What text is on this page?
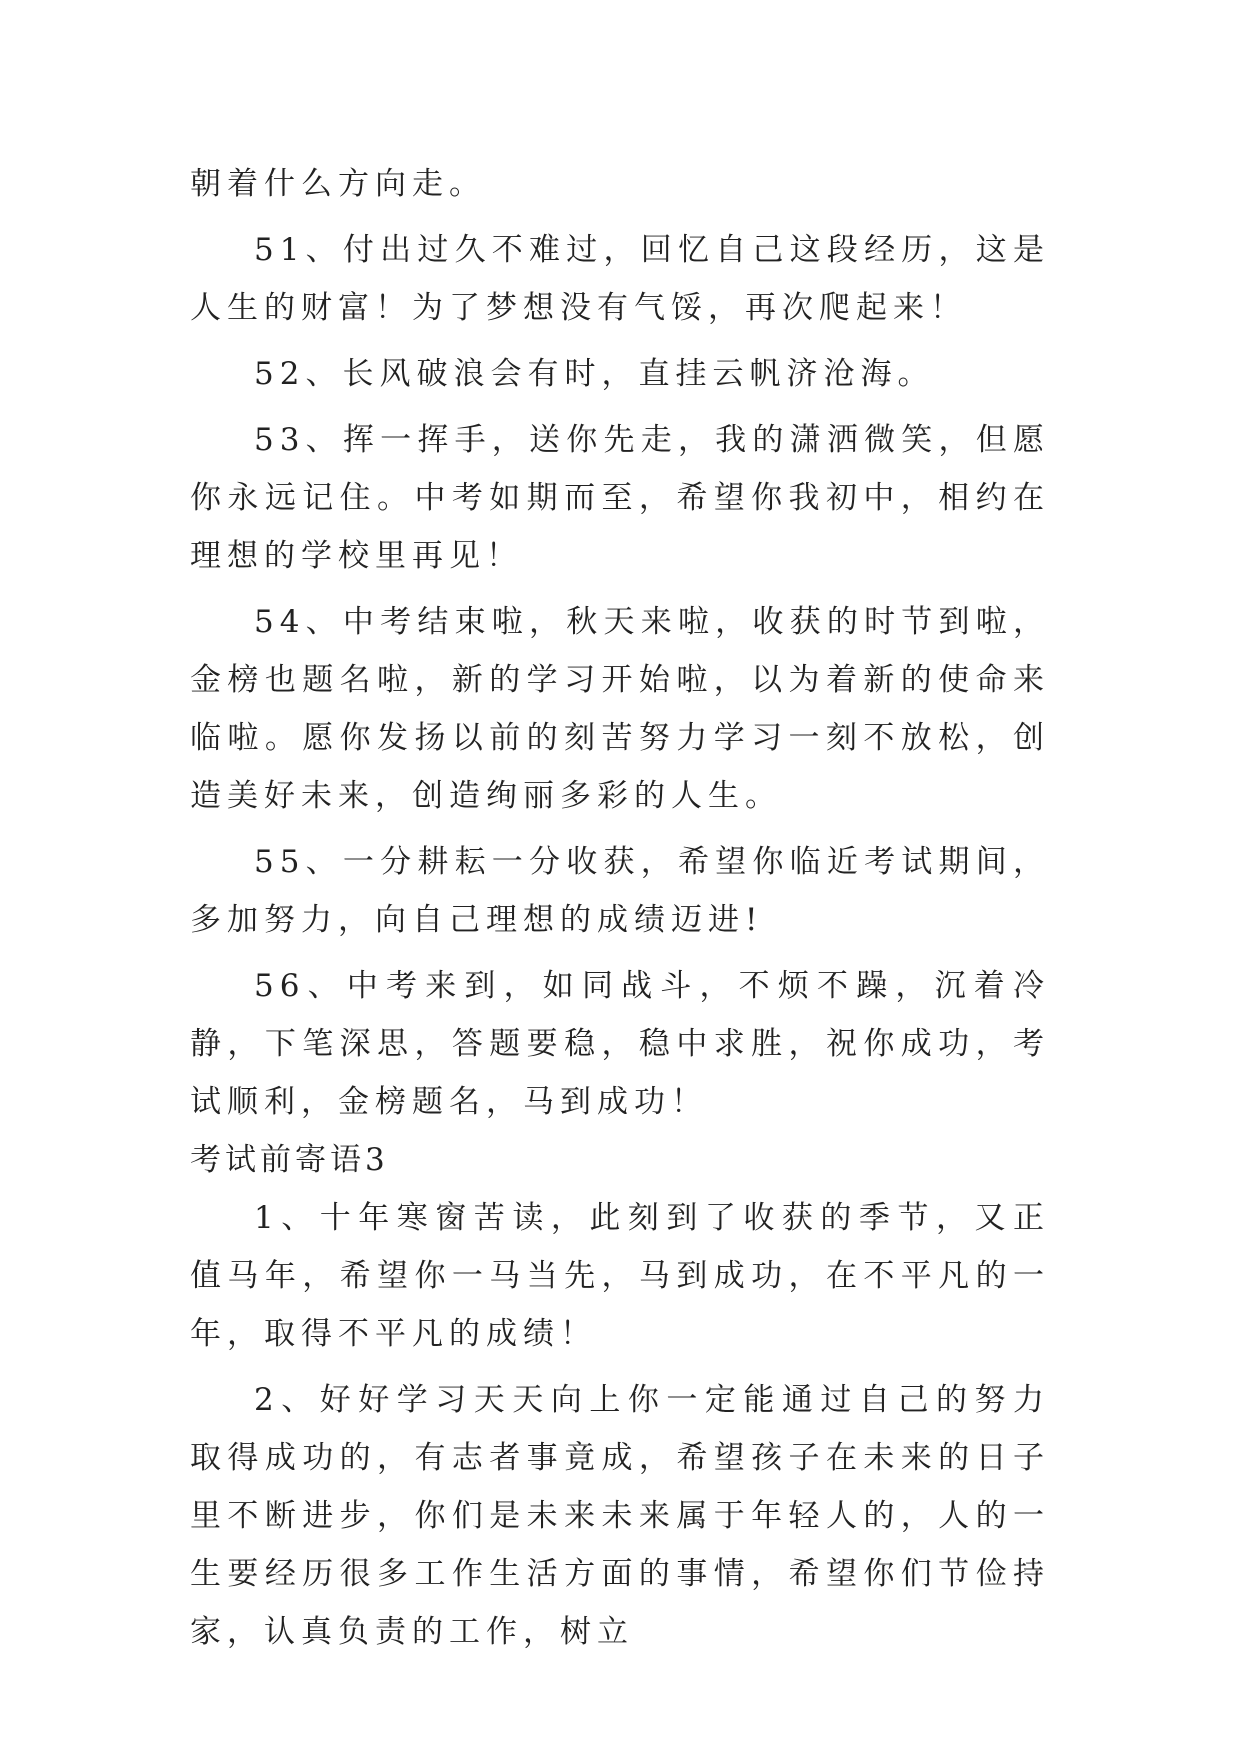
朝着什么方向走。

51、付出过久不难过，回忆自己这段经历，这是人生的财富！为了梦想没有气馁，再次爬起来！

52、长风破浪会有时，直挂云帆济沧海。

53、挥一挥手，送你先走，我的潇洒微笑，但愿你永远记住。中考如期而至，希望你我初中，相约在理想的学校里再见！

54、中考结束啦，秋天来啦，收获的时节到啦，金榜也题名啦，新的学习开始啦，以为着新的使命来临啦。愿你发扬以前的刻苦努力学习一刻不放松，创造美好未来，创造绚丽多彩的人生。

55、一分耕耘一分收获，希望你临近考试期间，多加努力，向自己理想的成绩迈进!

56、中考来到，如同战斗，不烦不躁，沉着冷静，下笔深思，答题要稳，稳中求胜，祝你成功，考试顺利，金榜题名，马到成功！

考试前寄语3

1、十年寒窗苦读，此刻到了收获的季节，又正值马年，希望你一马当先，马到成功，在不平凡的一年，取得不平凡的成绩！

2、好好学习天天向上你一定能通过自己的努力取得成功的，有志者事竟成，希望孩子在未来的日子里不断进步，你们是未来未来属于年轻人的，人的一生要经历很多工作生活方面的事情，希望你们节俭持家，认真负责的工作，树立
